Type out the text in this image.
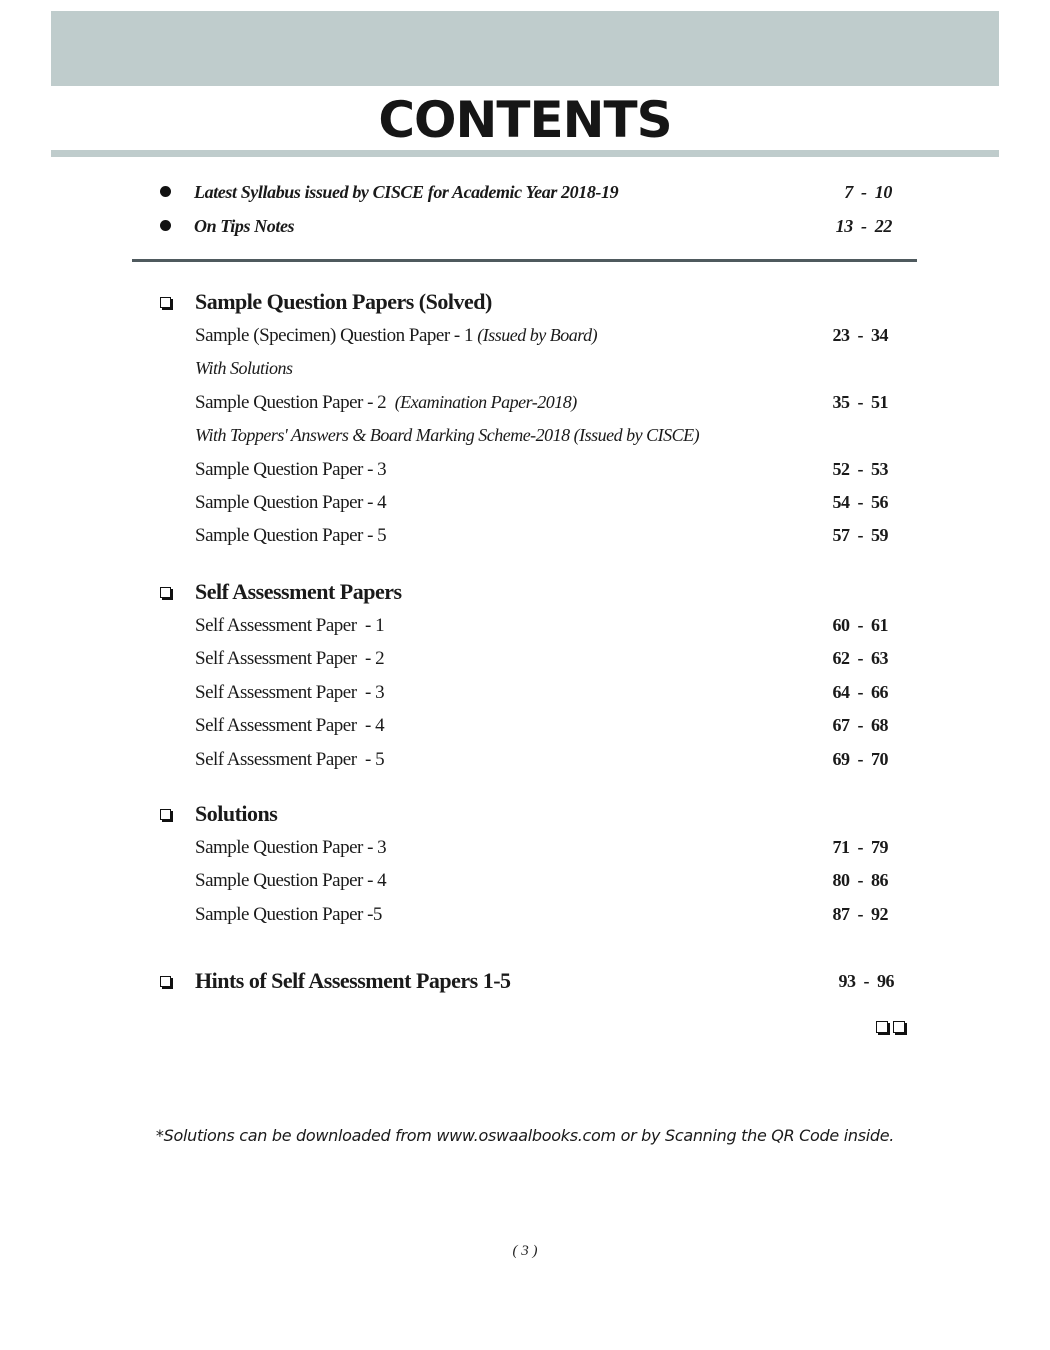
CONTENTS
Latest Syllabus issued by CISCE for Academic Year 2018-19	7  -  10
On Tips Notes	13  -  22
Sample Question Papers (Solved)
Sample (Specimen) Question Paper - 1 (Issued by Board)	23  -  34
With Solutions
Sample Question Paper - 2  (Examination Paper-2018)	35  -  51
With Toppers' Answers & Board Marking Scheme-2018 (Issued by CISCE)
Sample Question Paper - 3	52  -  53
Sample Question Paper - 4	54  -  56
Sample Question Paper - 5	57  -  59
Self Assessment Papers
Self Assessment Paper  - 1	60  -  61
Self Assessment Paper  - 2	62  -  63
Self Assessment Paper  - 3	64  -  66
Self Assessment Paper  - 4	67  -  68
Self Assessment Paper  - 5	69  -  70
Solutions
Sample Question Paper - 3	71  -  79
Sample Question Paper - 4	80  -  86
Sample Question Paper -5	87  -  92
Hints of Self Assessment Papers 1-5	93  -  96
*Solutions can be downloaded from www.oswaalbooks.com or by Scanning the QR Code inside.
( 3 )
